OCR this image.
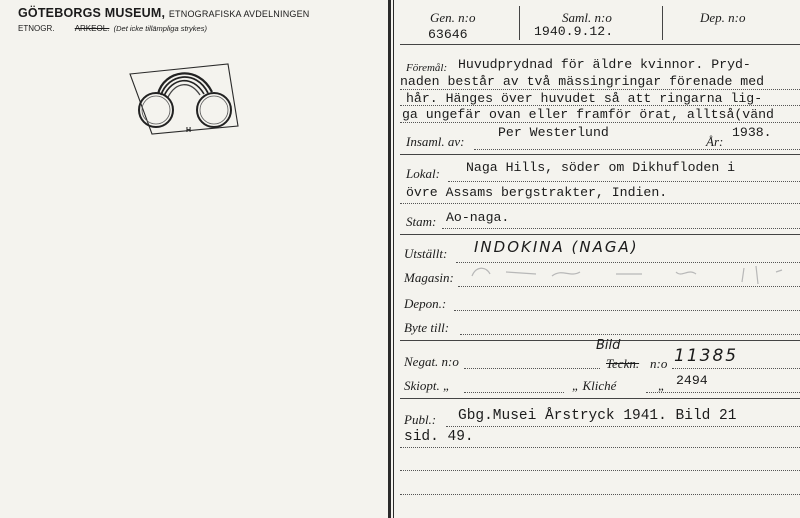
GÖTEBORGS MUSEUM, ETNOGRAFISKA AVDELNINGEN
ETNOGR.	ARKEOL. (Det icke tillämpliga strykes)
H
Gen. n:o
63646
Saml. n:o
1940.9.12.
Dep. n:o
Föremål: Huvudprydnad för äldre kvinnor. Pryd-
naden består av två mässingringar förenade med
hår. Hänges över huvudet så att ringarna lig-
ga ungefär ovan eller framför örat, alltså(vänd
Insaml. av:
Per Westerlund
År:
1938.
Lokal: Naga Hills, söder om Dikhufloden i
övre Assams bergstrakter, Indien.
Stam: Ao-naga.
Utställt: INDOKINA (NAGA)
Magasin:
Depon.:
Byte till:
Negat. n:o
Bild
Teckn. n:o 11385
Skiopt. „	„ Kliché	„ 2494
Publ.: Gbg.Musei Årstryck 1941. Bild 21
sid. 49.
